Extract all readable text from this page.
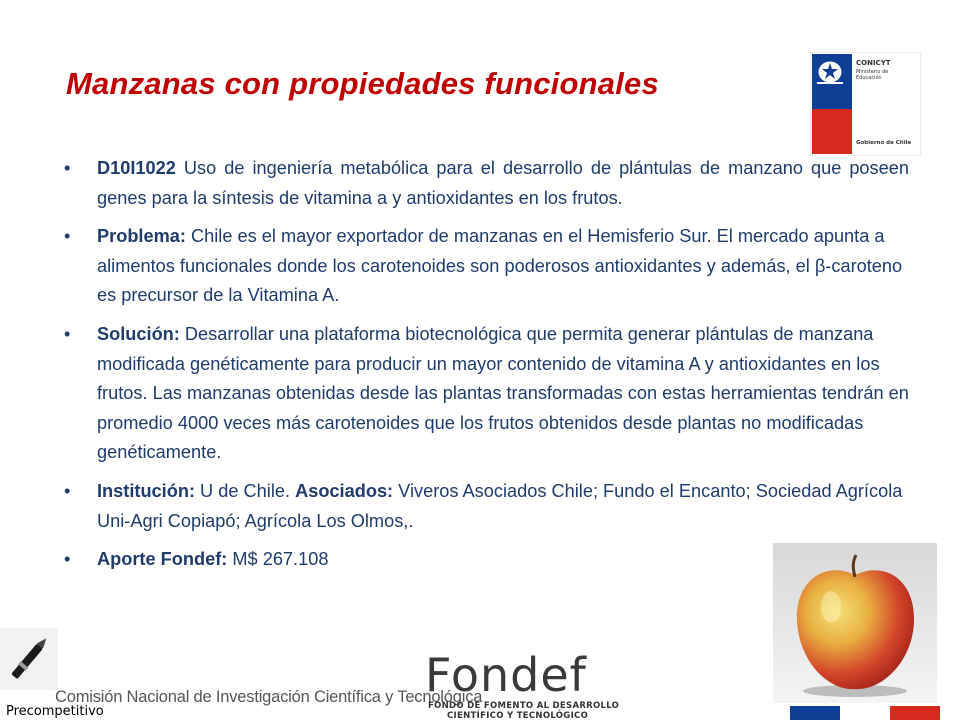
Manzanas con propiedades funcionales
CONICYT
Ministerio de
Educación
Gobierno de Chile
• D10I1022 Uso de ingeniería metabólica para el desarrollo de plántulas de manzano que poseen genes para la síntesis de vitamina a y antioxidantes en los frutos.
• Problema: Chile es el mayor exportador de manzanas en el Hemisferio Sur. El mercado apunta a alimentos funcionales donde los carotenoides son poderosos antioxidantes y además, el β-caroteno es precursor de la Vitamina A.
• Solución: Desarrollar una plataforma biotecnológica que permita generar plántulas de manzana modificada genéticamente para producir un mayor contenido de vitamina A y antioxidantes en los frutos. Las manzanas obtenidas desde las plantas transformadas con estas herramientas tendrán en promedio 4000 veces más carotenoides que los frutos obtenidos desde plantas no modificadas genéticamente.
• Institución: U de Chile. Asociados: Viveros Asociados Chile; Fundo el Encanto; Sociedad Agrícola Uni-Agri Copiapó; Agrícola Los Olmos,.
• Aporte Fondef: M$ 267.108
Precompetitivo
Comisión Nacional de Investigación Científica y Tecnológica
Fondef
FONDO DE FOMENTO AL DESARROLLO
CIENTÍFICO Y TECNOLÓGICO
